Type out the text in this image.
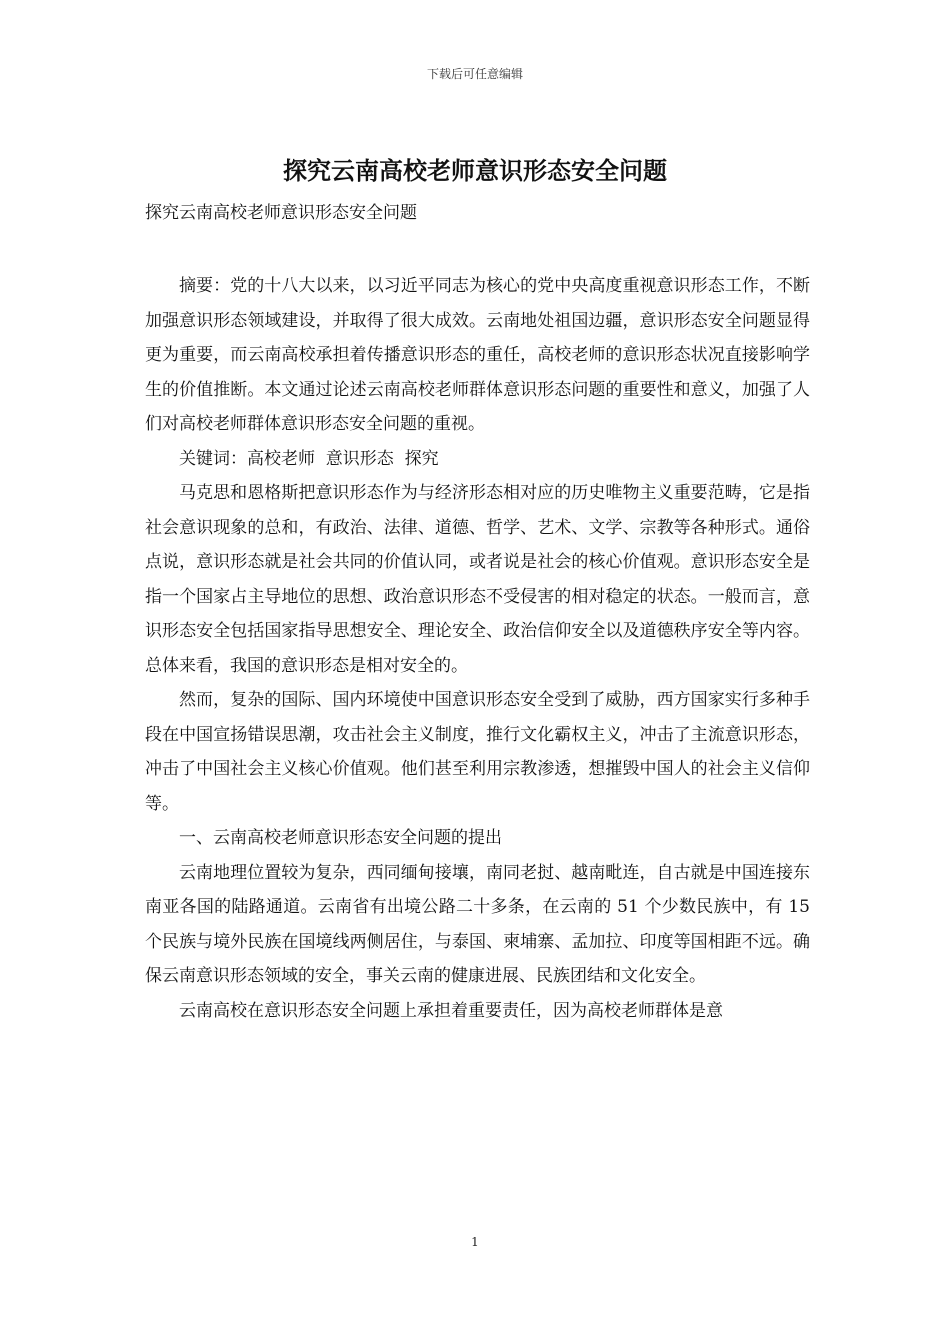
下载后可任意编辑
探究云南高校老师意识形态安全问题

探究云南高校老师意识形态安全问题

摘要：党的十八大以来，以习近平同志为核心的党中央高度重视意识形态工作，不断加强意识形态领域建设，并取得了很大成效。云南地处祖国边疆，意识形态安全问题显得更为重要，而云南高校承担着传播意识形态的重任，高校老师的意识形态状况直接影响学生的价值推断。本文通过论述云南高校老师群体意识形态问题的重要性和意义，加强了人们对高校老师群体意识形态安全问题的重视。

关键词：高校老师  意识形态  探究

马克思和恩格斯把意识形态作为与经济形态相对应的历史唯物主义重要范畴，它是指社会意识现象的总和，有政治、法律、道德、哲学、艺术、文学、宗教等各种形式。通俗点说，意识形态就是社会共同的价值认同，或者说是社会的核心价值观。意识形态安全是指一个国家占主导地位的思想、政治意识形态不受侵害的相对稳定的状态。一般而言，意识形态安全包括国家指导思想安全、理论安全、政治信仰安全以及道德秩序安全等内容。总体来看，我国的意识形态是相对安全的。

然而，复杂的国际、国内环境使中国意识形态安全受到了威胁，西方国家实行多种手段在中国宣扬错误思潮，攻击社会主义制度，推行文化霸权主义，冲击了主流意识形态，冲击了中国社会主义核心价值观。他们甚至利用宗教渗透，想摧毁中国人的社会主义信仰等。

一、云南高校老师意识形态安全问题的提出

云南地理位置较为复杂，西同缅甸接壤，南同老挝、越南毗连，自古就是中国连接东南亚各国的陆路通道。云南省有出境公路二十多条，在云南的 51 个少数民族中，有 15 个民族与境外民族在国境线两侧居住，与泰国、柬埔寨、孟加拉、印度等国相距不远。确保云南意识形态领域的安全，事关云南的健康进展、民族团结和文化安全。

云南高校在意识形态安全问题上承担着重要责任，因为高校老师群体是意

1
